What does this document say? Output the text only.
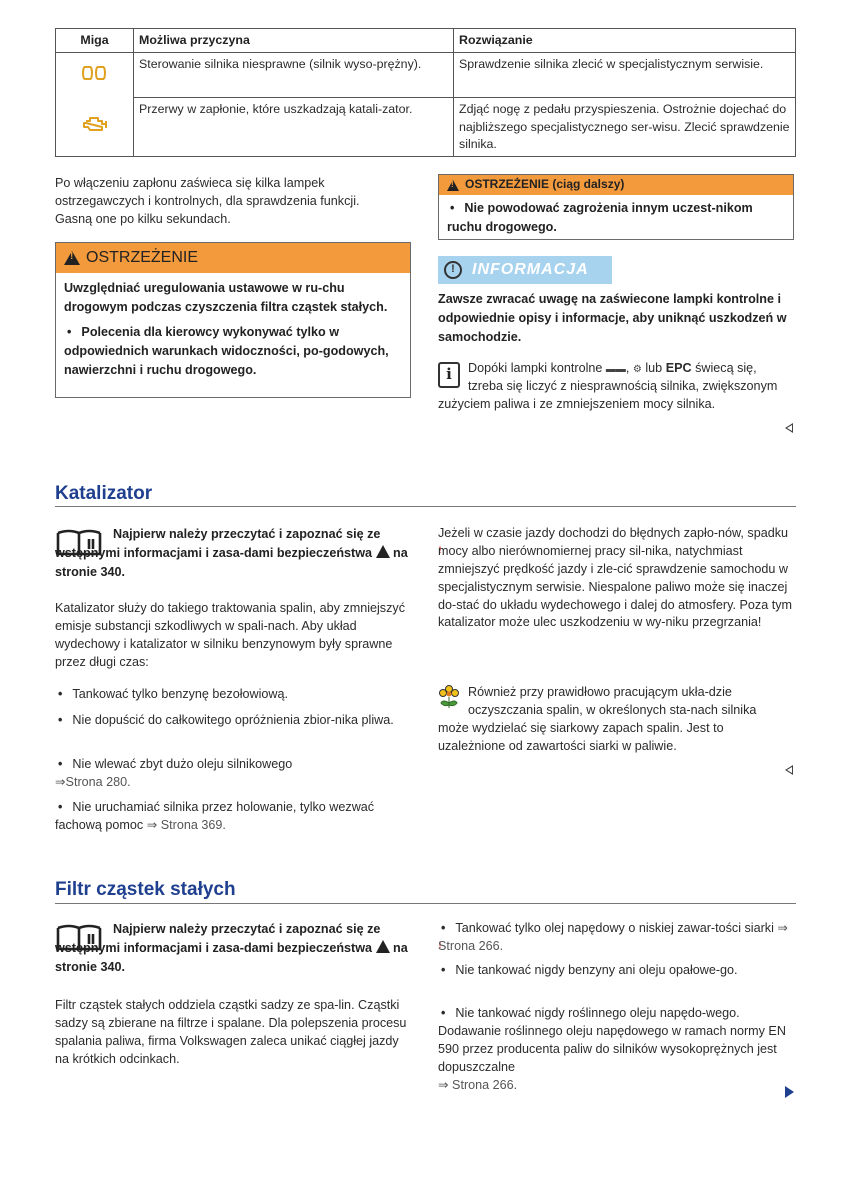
Miga	Możliwa przyczyna	Rozwiązanie
	Sterowanie silnika niesprawne (silnik wyso-prężny).	Sprawdzenie silnika zlecić w specjalistycznym serwisie.
	Przerwy w zapłonie, które uszkadzają katali-zator.	Zdjąć nogę z pedału przyspieszenia. Ostrożnie dojechać do najbliższego specjalistycznego ser-wisu. Zlecić sprawdzenie silnika.
Po włączeniu zapłonu zaświeca się kilka lampek ostrzegawczych i kontrolnych, dla sprawdzenia funkcji. Gasną one po kilku sekundach.
!
OSTRZEŻENIE

Uwzględniać uregulowania ustawowe w ru-chu drogowym podczas czyszczenia filtra cząstek stałych.

• Polecenia dla kierowcy wykonywać tylko w odpowiednich warunkach widoczności, po-godowych, nawierzchni i ruchu drogowego.

!
OSTRZEŻENIE (ciąg dalszy)

• Nie powodować zagrożenia innym uczest-nikom ruchu drogowego.

!	INFORMACJA
Zawsze zwracać uwagę na zaświecone lampki kontrolne i odpowiednie opisy i informacje, aby uniknąć uszkodzeń w samochodzie.
i	Dopóki lampki kontrolne ▬▬, ⚙ lub EPC świecą się, tzreba się liczyć z niesprawnością silnika, zwiększonym zużyciem paliwa i ze zmniejszeniem mocy silnika.
Katalizator
Najpierw należy przeczytać i zapoznać się ze wstępnymi informacjami i zasa-dami bezpieczeństwa ! na stronie 340.
Katalizator służy do takiego traktowania spalin, aby zmniejszyć emisje substancji szkodliwych w spali-nach. Aby układ wydechowy i katalizator w silniku benzynowym były sprawne przez długi czas:
• Tankować tylko benzynę bezołowiową.
• Nie dopuścić do całkowitego opróżnienia zbior-nika pliwa.
• Nie wlewać zbyt dużo oleju silnikowego
⇒Strona 280.
• Nie uruchamiać silnika przez holowanie, tylko wezwać fachową pomoc ⇒ Strona 369.
Jeżeli w czasie jazdy dochodzi do błędnych zapło-nów, spadku mocy albo nierównomiernej pracy sil-nika, natychmiast zmniejszyć prędkość jazdy i zle-cić sprawdzenie samochodu w specjalistycznym serwisie. Niespalone paliwo może się inaczej do-stać do układu wydechowego i dalej do atmosfery. Poza tym katalizator może ulec uszkodzeniu w wy-niku przegrzania!
Również przy prawidłowo pracującym ukła-dzie oczyszczania spalin, w określonych sta-nach silnika może wydzielać się siarkowy zapach spalin. Jest to uzależnione od zawartości siarki w paliwie.
Filtr cząstek stałych
Najpierw należy przeczytać i zapoznać się ze wstępnymi informacjami i zasa-dami bezpieczeństwa ! na stronie 340.
Filtr cząstek stałych oddziela cząstki sadzy ze spa-lin. Cząstki sadzy są zbierane na filtrze i spalane. Dla polepszenia procesu spalania paliwa, firma Volkswagen zaleca unikać ciągłej jazdy na krótkich odcinkach.
• Tankować tylko olej napędowy o niskiej zawar-tości siarki ⇒ Strona 266.
• Nie tankować nigdy benzyny ani oleju opałowe-go.
• Nie tankować nigdy roślinnego oleju napędo-wego. Dodawanie roślinnego oleju napędowego w ramach normy EN 590 przez producenta paliw do silników wysokoprężnych jest dopuszczalne
⇒ Strona 266.
